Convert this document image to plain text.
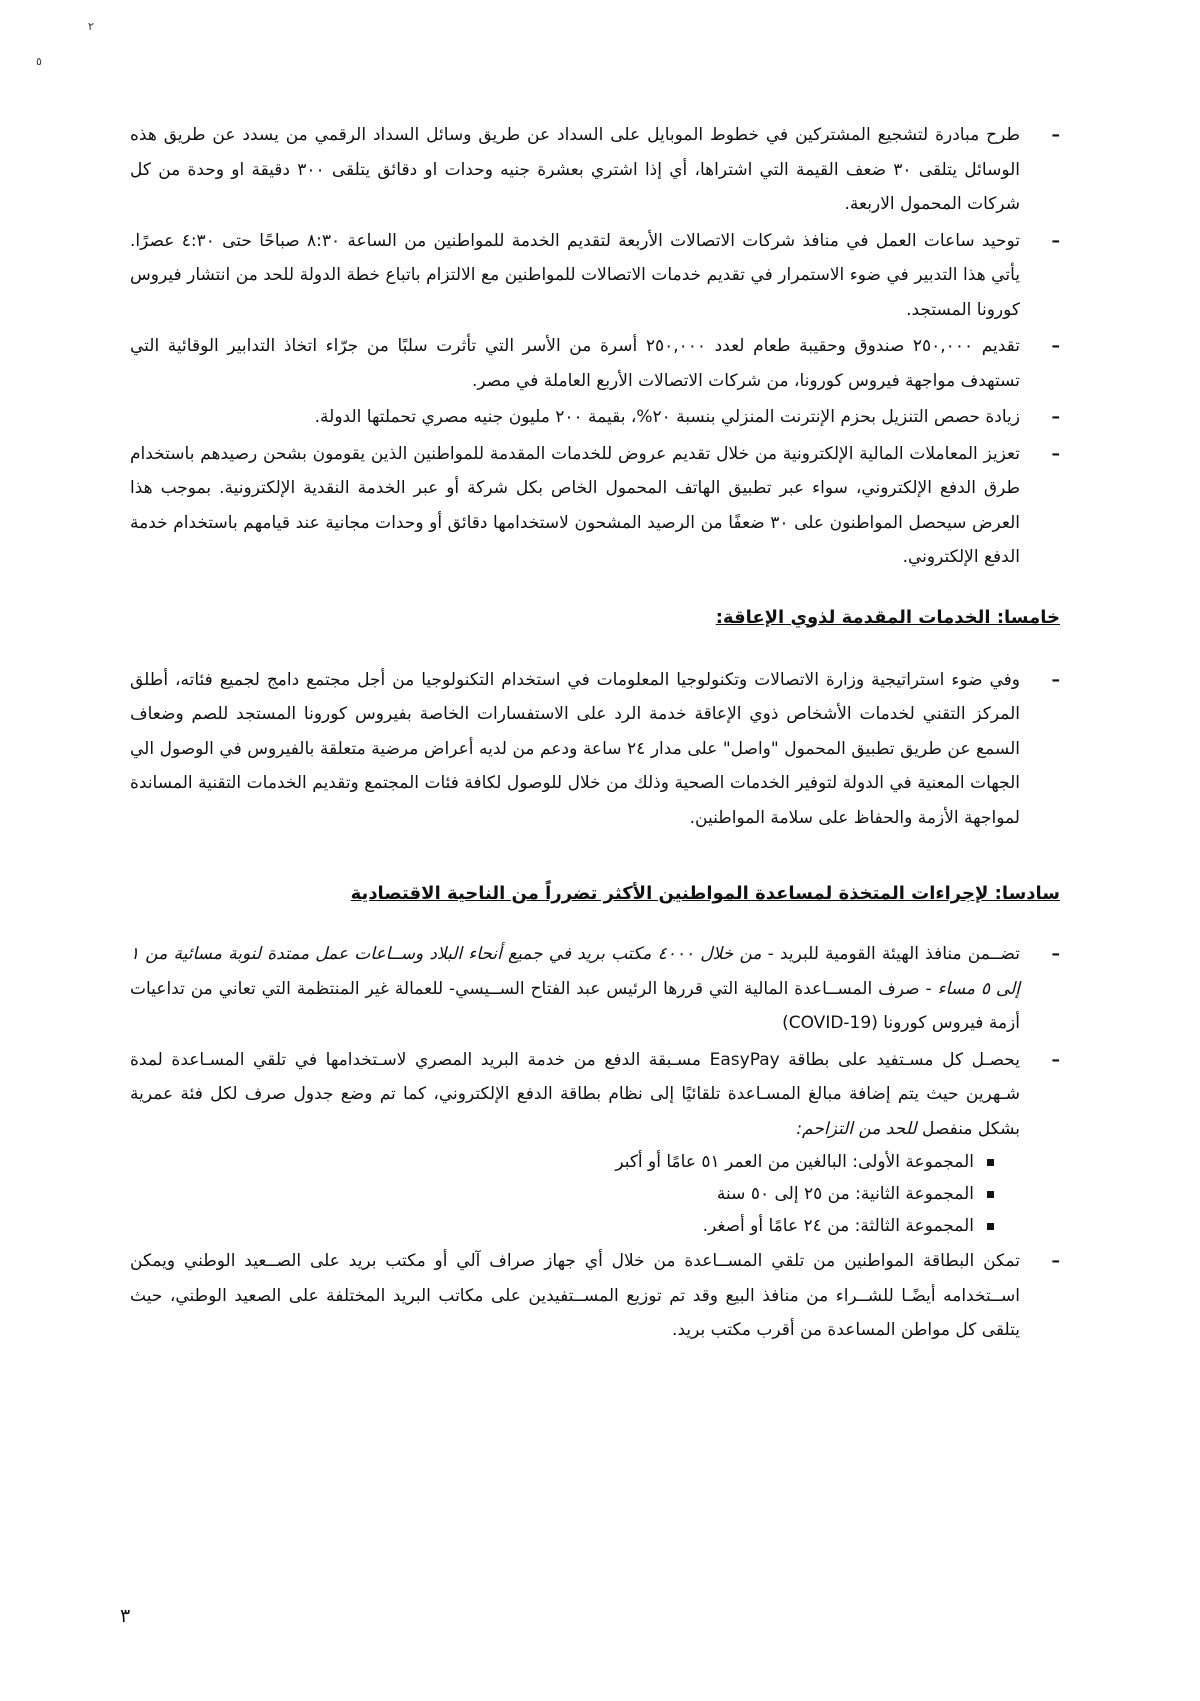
٢
٥
– طرح مبادرة لتشجيع المشتركين في خطوط الموبايل على السداد عن طريق وسائل السداد الرقمي من يسدد عن طريق هذه الوسائل يتلقى ٣٠ ضعف القيمة التي اشتراها، أي إذا اشتري بعشرة جنيه وحدات او دقائق يتلقى ٣٠٠ دقيقة او وحدة من كل شركات المحمول الاربعة.
– توحيد ساعات العمل في منافذ شركات الاتصالات الأربعة لتقديم الخدمة للمواطنين من الساعة ٨:٣٠ صباحًا حتى ٤:٣٠ عصرًا. يأتي هذا التدبير في ضوء الاستمرار في تقديم خدمات الاتصالات للمواطنين مع الالتزام باتباع خطة الدولة للحد من انتشار فيروس كورونا المستجد.
– تقديم ٢٥٠,٠٠٠ صندوق وحقيبة طعام لعدد ٢٥٠,٠٠٠ أسرة من الأسر التي تأثرت سلبًا من جرّاء اتخاذ التدابير الوقائية التي تستهدف مواجهة فيروس كورونا، من شركات الاتصالات الأربع العاملة في مصر.
– زيادة حصص التنزيل بحزم الإنترنت المنزلي بنسبة ٢٠%، بقيمة ٢٠٠ مليون جنيه مصري تحملتها الدولة.
– تعزيز المعاملات المالية الإلكترونية من خلال تقديم عروض للخدمات المقدمة للمواطنين الذين يقومون بشحن رصيدهم باستخدام طرق الدفع الإلكتروني، سواء عبر تطبيق الهاتف المحمول الخاص بكل شركة أو عبر الخدمة النقدية الإلكترونية. بموجب هذا العرض سيحصل المواطنون على ٣٠ ضعفًا من الرصيد المشحون لاستخدامها دقائق أو وحدات مجانية عند قيامهم باستخدام خدمة الدفع الإلكتروني.

خامسا: الخدمات المقدمة لذوي الإعاقة:

– وفي ضوء استراتيجية وزارة الاتصالات وتكنولوجيا المعلومات في استخدام التكنولوجيا من أجل مجتمع دامج لجميع فئاته، أطلق المركز التقني لخدمات الأشخاص ذوي الإعاقة خدمة الرد على الاستفسارات الخاصة بفيروس كورونا المستجد للصم وضعاف السمع عن طريق تطبيق المحمول "واصل" على مدار ٢٤ ساعة ودعم من لديه أعراض مرضية متعلقة بالفيروس في الوصول الي الجهات المعنية في الدولة لتوفير الخدمات الصحية وذلك من خلال للوصول لكافة فئات المجتمع وتقديم الخدمات التقنية المساندة لمواجهة الأزمة والحفاظ على سلامة المواطنين.

سادسا: لإجراءات المتخذة لمساعدة المواطنين الأكثر تضرراً من الناحية الاقتصادية

– تضــمن منافذ الهيئة القومية للبريد - من خلال ٤٠٠٠ مكتب بريد في جميع أنحاء البلاد وســاعات عمل ممتدة لنوبة مسائية من ١ إلى ٥ مساء - صرف المســاعدة المالية التي قررها الرئيس عبد الفتاح الســيسي- للعمالة غير المنتظمة التي تعاني من تداعيات أزمة فيروس كورونا (COVID-19)
– يحصـل كل مسـتفيد على بطاقة EasyPay مسـبقة الدفع من خدمة البريد المصري لاسـتخدامها في تلقي المسـاعدة لمدة شـهرين حيث يتم إضافة مبالغ المسـاعدة تلقائيًا إلى نظام بطاقة الدفع الإلكتروني، كما تم وضع جدول صرف لكل فئة عمرية بشكل منفصل للحد من التزاحم:
المجموعة الأولى: البالغين من العمر ٥١ عامًا أو أكبر
المجموعة الثانية: من ٢٥ إلى ٥٠ سنة
المجموعة الثالثة: من ٢٤ عامًا أو أصغر.
– تمكن البطاقة المواطنين من تلقي المســاعدة من خلال أي جهاز صراف آلي أو مكتب بريد على الصــعيد الوطني ويمكن اســتخدامه أيضًـا للشــراء من منافذ البيع وقد تم توزيع المســتفيدين على مكاتب البريد المختلفة على الصعيد الوطني، حيث يتلقى كل مواطن المساعدة من أقرب مكتب بريد.
٣
